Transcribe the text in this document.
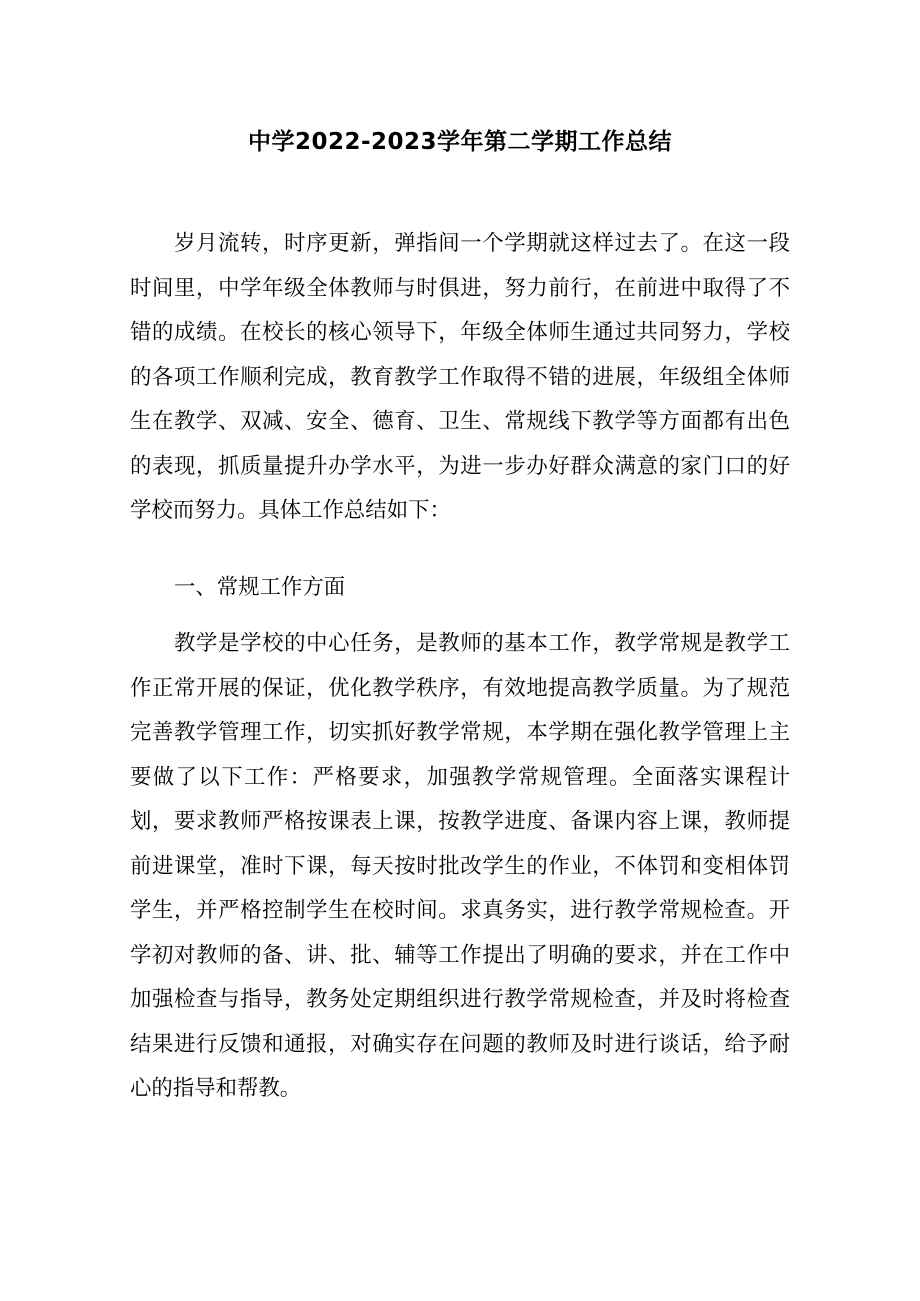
中学2022-2023学年第二学期工作总结

岁月流转，时序更新，弹指间一个学期就这样过去了。在这一段时间里，中学年级全体教师与时俱进，努力前行，在前进中取得了不错的成绩。在校长的核心领导下，年级全体师生通过共同努力，学校的各项工作顺利完成，教育教学工作取得不错的进展，年级组全体师生在教学、双减、安全、德育、卫生、常规线下教学等方面都有出色的表现，抓质量提升办学水平，为进一步办好群众满意的家门口的好学校而努力。具体工作总结如下：

一、常规工作方面

教学是学校的中心任务，是教师的基本工作，教学常规是教学工作正常开展的保证，优化教学秩序，有效地提高教学质量。为了规范完善教学管理工作，切实抓好教学常规，本学期在强化教学管理上主要做了以下工作：严格要求，加强教学常规管理。全面落实课程计划，要求教师严格按课表上课，按教学进度、备课内容上课，教师提前进课堂，准时下课，每天按时批改学生的作业，不体罚和变相体罚学生，并严格控制学生在校时间。求真务实，进行教学常规检查。开学初对教师的备、讲、批、辅等工作提出了明确的要求，并在工作中加强检查与指导，教务处定期组织进行教学常规检查，并及时将检查结果进行反馈和通报，对确实存在问题的教师及时进行谈话，给予耐心的指导和帮教。
